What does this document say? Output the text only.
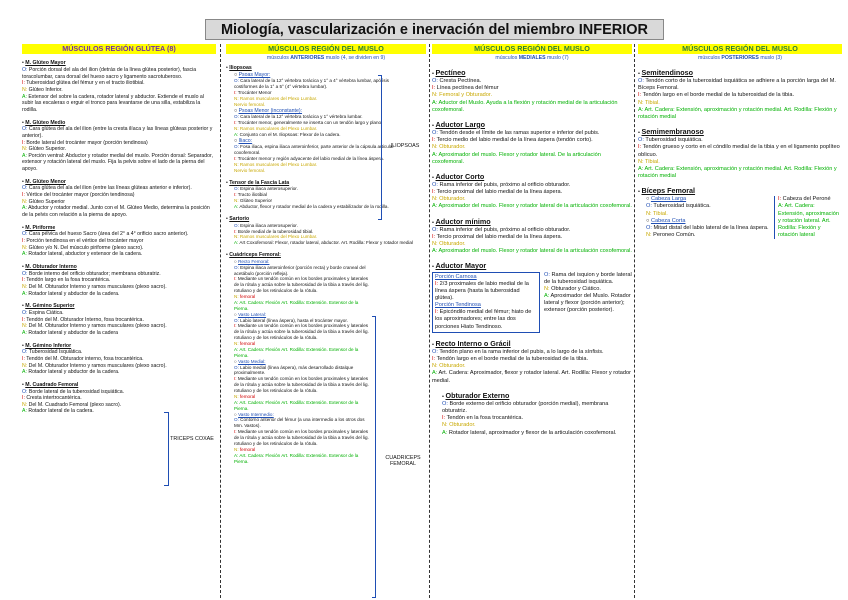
Miología, vascularización e inervación del miembro INFERIOR
MÚSCULOS REGIÓN GLÚTEA (8)
• M. Glúteo Mayor
O: Porción dorsal del ala del ilion (detrás de la línea glútea posterior), fascia toracolumbar, cara dorsal del hueso sacro y ligamento sacrotuberoso.
I: Tuberosidad glútea del fémur y en el tracto iliotibial.
N: Glúteo Inferior.
A: Extensor del sobre la cadera, rotador lateral y abductor. Extiende el muslo al subir las escaleras o erguir el tronco para levantarse de una silla, estabiliza la rodilla.
• M. Glúteo Medio
O: Cara glútea del ala del ilion (entre la cresta ilíaca y las líneas glúteas posterior y anterior).
I: Borde lateral del trocánter mayor (porción tendinosa)
N: Glúteo Superior.
A: Porción ventral: Abductor y rotador medial del muslo. Porción dorsal: Separador, extensor y rotación lateral del muslo. Fija la pelvis sobre el lado de la pierna del apoyo.
• M. Glúteo Menor
O: Cara glútea del ala del ilion (entre las líneas glúteas anterior e inferior).
I: Vértice del trocánter mayor (porción tendinosa)
N: Glúteo Superior
A: Abductor y rotador medial. Junto con el M. Glúteo Medio, determina la posición de la pelvis con relación a la pierna de apoyo.
• M. Piriforme
O: Cara pélvica del hueso Sacro (área del 2° a 4° orificio sacro anterior).
I: Porción tendinosa en el vértice del trocánter mayor
N: Glúteo y/o N. Del músculo piriforme (plexo sacro).
A: Rotador lateral, abductor y extensor de la cadera.
• M. Obturador Interno
O: Borde interno del orificio obturador; membrana obturatriz.
I: Tendón largo en la fosa trocantérica.
N: Del M. Obturador Interno y ramos musculares (plexo sacro).
A: Rotador lateral y abductor de la cadera.
• M. Gémino Superior
O: Espina Ciática.
I: Tendón del M. Obturador Interno, fosa trocantérica.
N: Del M. Obturador Interno y ramos musculares (plexo sacro).
A: Rotador lateral y abductor de la cadera
• M. Gémino Inferior
O: Tuberosidad Isquiática.
I: Tendón del M. Obturador interno, fosa trocantérica.
N: Del M. Obturador Interno y ramos musculares (plexo sacro).
A: Rotador lateral y abductor de la cadera.
• M. Cuadrado Femoral
O: Borde lateral de la tuberosidad isquiática.
I: Cresta intertrocantérica.
N: Del M. Cuadrado Femoral (plexo sacro).
A: Rotador lateral de la cadera.
TRICEPS COXAE
MÚSCULOS REGIÓN DEL MUSLO
músculos ANTERIORES muslo (4, se dividen en 9)
• Iliopsoas
○ Psoas Mayor:
O: Cara lateral de la 12° vértebra torácica y 1° a 4° vértebra lumbar, apófisis costiformes de la 1° a 5° (4° vértebra lumbar).
I: Trocánter Menor
N: Ramos musculares del Plexo Lumbar.
Nervio femoral.
○ Psoas Menor (inconstante):
O: Cara lateral de la 12° vértebra torácica y 1° vértebra lumbar.
I: Trocánter menor, generalmente se inserta con un tendón largo y plano.
N: Ramos musculares del Plexo Lumbar.
A: Conjunto con el M. Iliopsoas: Flexor de la cadera.
○ Iliaco:
O: Fosa iliaca, espina iliaca anteroinferior, parte anterior de la cápsula articular coxofemoral.
I: Trocánter menor y región adyacente del labio medial de la línea áspera.
N: Ramos musculares del Plexo Lumbar.
Nervio femoral.
• Tensor de la Fascia Lata
O: Espina iliaca anterosuperior.
I: Tracto iliotibial
N: Glúteo Superior
A: Abductor, flexor y rotador medial de la cadera y estabilizador de la rodilla.
• Sartorio
O: Espina iliaca anterosuperior.
I: Borde medial de la tuberosidad tibial.
N: Ramos musculares del Plexo Lumbar.
A: Art Coxofemoral: Flexor, rotador lateral, abductor. Art. Rodilla: Flexor y rotador medial
• Cuádriceps Femoral:
○ Recto Femoral:
O: Espina iliaca anteroinferior (porción recta) y borde craneal del acetábulo (porción refleja).
I: Mediante un tendón común en los bordes proximales y laterales de la rótula y actúa sobre la tuberosidad de la tibia a través del lig. rotuliano y de los retináculos de la rótula.
N: femoral
A: Art. Cadera: Flexión Art. Rodilla: Extensión. Extensor de la Pierna.
○ Vasto Lateral:
O: Labio lateral (línea áspera), hasta el trocánter mayor.
I: Mediante un tendón común en los bordes proximales y laterales de la rótula y actúa sobre la tuberosidad de la tibia a través del lig. rotuliano y de los retináculos de la rótula.
N: femoral
A: Art. Cadera: Flexión Art. Rodilla: Extensión. Extensor de la Pierna.
○ Vasto Medial:
O: Labio medial (línea áspera), más desarrollado distalque proximalmente.
I: Mediante un tendón común en los bordes proximales y laterales de la rótula y actúa sobre la tuberosidad de la tibia a través del lig. rotuliano y de los retináculos de la rótula.
N: femoral
A: Art. Cadera: Flexión Art. Rodilla: Extensión. Extensor de la Pierna.
○ Vasto Intermedio:
O: Contorno anterior del fémur (a una intermedio a los otros dos Mm. Vastos).
I: Mediante un tendón común en los bordes proximales y laterales de la rótula y actúa sobre la tuberosidad de la tibia a través del lig. rotuliano y de los retináculos de la rótula.
N: femoral
A: Art. Cadera: Flexión Art. Rodilla: Extensión. Extensor de la Pierna.
ILIOPSOAS
CUADRICEPS FEMORAL
MÚSCULOS REGIÓN DEL MUSLO
músculos MEDIALES muslo (7)
• Pectíneo
O: Cresta Pectínea.
I: Línea pectínea del fémur
N: Femoral y Obturador.
A: Aductor del Muslo. Ayuda a la flexión y rotación medial de la articulación coxofemoral.
• Aductor Largo
O: Tendón desde el límite de las ramas superior e inferior del pubis.
I: Tercio medio del labio medial de la línea áspera (tendón corto).
N: Obturador.
A: Aproximador del muslo. Flexor y rotador lateral. De la articulación coxofemoral.
• Aductor Corto
O: Rama inferior del pubis, próximo al orificio obturador.
I: Tercio proximal del labio medial de la línea áspera.
N: Obturador.
A: Aproximador del muslo. Flexor y rotador lateral de la articulación coxofemoral.
• Aductor mínimo
O: Rama inferior del pubis, próximo al orificio obturador.
I: Tercio proximal del labio medial de la línea áspera.
N: Obturador.
A: Aproximador del muslo. Flexor y rotador lateral de la articulación coxofemoral.
• Aductor Mayor
Porción Carnosa
I: 2/3 proximales de labio medial de la línea áspera (hasta la tuberosidad glútea).
Porción Tendinosa
I: Epicóndilo medial del fémur; hiato de los aproximadores; entre las dos porciones Hiato Tendinoso.
O: Rama del isquion y borde lateral de la tuberosidad isquiática.
N: Obturador y Ciático.
A: Aproximador del Muslo. Rotador lateral y flexor (porción anterior); extensor (porción posterior).
• Recto Interno o Grácil
O: Tendón plano en la rama inferior del pubis, a lo largo de la sínfisis.
I: Tendón largo en el borde medial de la tuberosidad de la tibia.
N: Obturador.
A: Art. Cadera: Aproximador, flexor y rotador lateral. Art. Rodilla: Flexor y rotador medial.
• Obturador Externo
O: Borde externo del orificio obturador (porción medial), membrana obturatriz.
I: Tendón en la fosa trocantérica.
N: Obturador.
A: Rotador lateral, aproximador y flexor de la articulación coxofemoral.
MÚSCULOS REGIÓN DEL MUSLO
músculos POSTERIORES muslo (3)
• Semitendinoso
O: Tendón corto de la tuberosidad isquiática se adhiere a la porción larga del M. Bíceps Femoral.
I: Tendón largo en el borde medial de la tuberosidad de la tibia.
N: Tibial.
A: Art. Cadera: Extensión, aproximación y rotación medial. Art. Rodilla: Flexión y rotación medial
• Semimembranoso
O: Tuberosidad isquiática.
I: Tendón grueso y corto en el cóndilo medial de la tibia y en el ligamento poplíteo oblicuo.
N: Tibial.
A: Art. Cadera: Extensión, aproximación y rotación medial. Art. Rodilla: Flexión y rotación medial
• Bíceps Femoral
○ Cabeza Larga
O: Tuberosidad isquiática.
N: Tibial.
○ Cabeza Corta
O: Mitad distal del labio lateral de la línea áspera.
N: Peroneo Común.
I: Cabeza del Peroné
A: Art. Cadera: Extensión, aproximación y rotación lateral. Art. Rodilla: Flexión y rotación lateral
